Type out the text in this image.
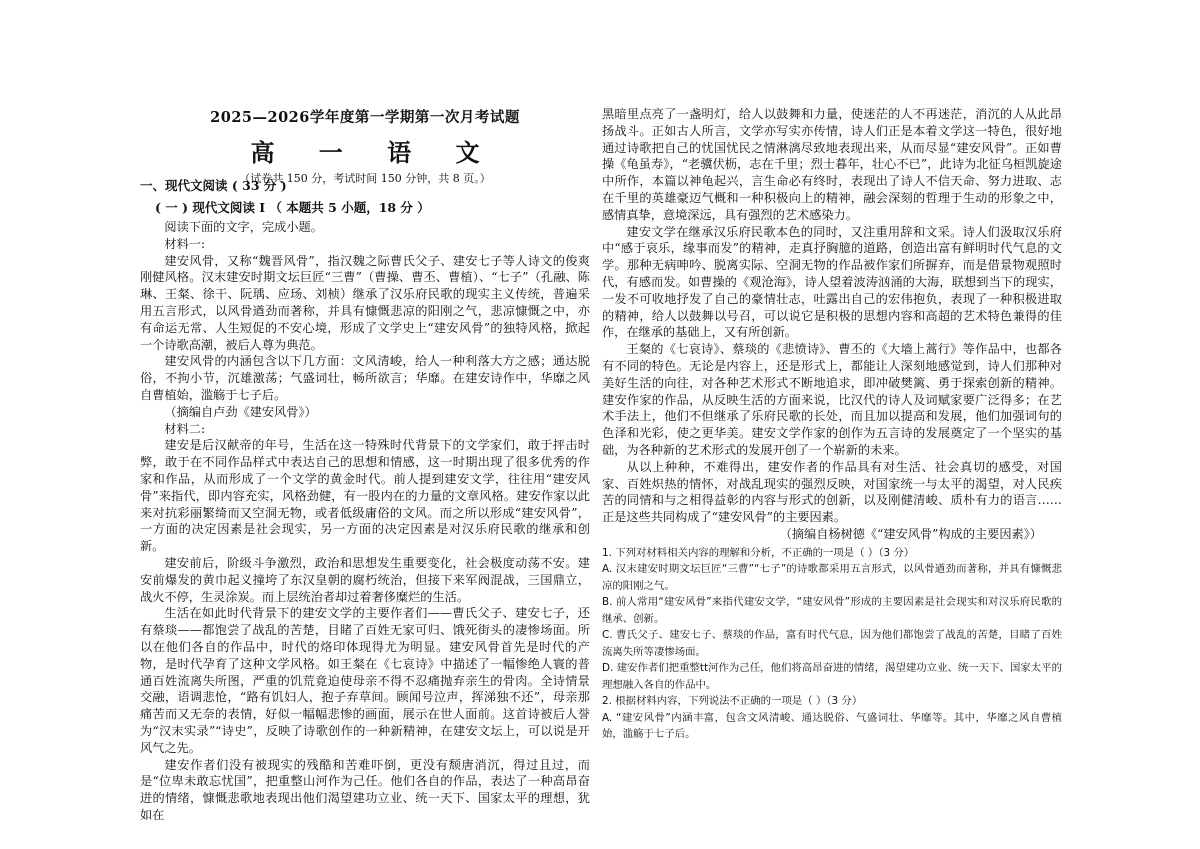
2025—2026学年度第一学期第一次月考试题

高 一 语 文

（试卷共 150 分，考试时间 150 分钟，共 8 页。）

一、现代文阅读 ( 33 分 )

( 一 ) 现代文阅读 Ⅰ （ 本题共 5 小题，18 分 ）

阅读下面的文字，完成小题。

材料一:

建安风骨，又称“魏晋风骨”，指汉魏之际曹氏父子、建安七子等人诗文的俊爽刚健风格。汉末建安时期文坛巨匠“三曹”（曹操、曹丕、曹植）、“七子”（孔融、陈琳、王粲、徐干、阮瑀、应玚、刘桢）继承了汉乐府民歌的现实主义传统，普遍采用五言形式，以风骨遒劲而著称，并具有慷慨悲凉的阳刚之气，悲凉慷慨之中，亦有命运无常、人生短促的不安心境，形成了文学史上“建安风骨”的独特风格，掀起一个诗歌高潮，被后人尊为典范。

建安风骨的内涵包含以下几方面：文风清峻，给人一种利落大方之感；通达脱俗，不拘小节，沉雄激荡；气盛词壮，畅所欲言；华靡。在建安诗作中，华靡之风自曹植始，滥觞于七子后。

（摘编自卢劲《建安风骨》）

材料二:

建安是后汉献帝的年号，生活在这一特殊时代背景下的文学家们，敢于抨击时弊，敢于在不同作品样式中表达自己的思想和情感，这一时期出现了很多优秀的作家和作品，从而形成了一个文学的黄金时代。前人提到建安文学，往往用“建安风骨”来指代，即内容充实，风格劲健，有一股内在的力量的文章风格。建安作家以此来对抗彩丽繁绮而又空洞无物，或者低级庸俗的文风。而之所以形成“建安风骨”，一方面的决定因素是社会现实，另一方面的决定因素是对汉乐府民歌的继承和创新。

建安前后，阶级斗争激烈，政治和思想发生重要变化，社会极度动荡不安。建安前爆发的黄巾起义撞垮了东汉皇朝的腐朽统治，但接下来军阀混战，三国鼎立，战火不停，生灵涂炭。而上层统治者却过着奢侈糜烂的生活。

生活在如此时代背景下的建安文学的主要作者们——曹氏父子、建安七子，还有蔡琰——都饱尝了战乱的苦楚，目睹了百姓无家可归、饿死街头的凄惨场面。所以在他们各自的作品中，时代的烙印体现得尤为明显。建安风骨首先是时代的产物，是时代孕育了这种文学风格。如王粲在《七哀诗》中描述了一幅惨绝人寰的普通百姓流离失所图，严重的饥荒竟迫使母亲不得不忍痛抛弃亲生的骨肉。全诗情景交融，语调悲怆，“路有饥妇人，抱子弃草间。顾闻号泣声，挥涕独不还”，母亲那痛苦而又无奈的表情，好似一幅幅悲惨的画面，展示在世人面前。这首诗被后人誉为“汉末实录”“诗史”，反映了诗歌创作的一种新精神，在建安文坛上，可以说是开风气之先。

建安作者们没有被现实的残酷和苦难吓倒，更没有颓唐消沉，得过且过，而是“位卑未敢忘忧国”，把重整山河作为己任。他们各自的作品，表达了一种高昂奋进的情绪，慷慨悲歌地表现出他们渴望建功立业、统一天下、国家太平的理想，犹如在

黑暗里点亮了一盏明灯，给人以鼓舞和力量，使迷茫的人不再迷茫，消沉的人从此昂扬战斗。正如古人所言，文学亦写实亦传情，诗人们正是本着文学这一特色，很好地通过诗歌把自己的忧国忧民之情淋漓尽致地表现出来，从而尽显“建安风骨”。正如曹操《龟虽寿》，“老骥伏枥，志在千里；烈士暮年，壮心不已”，此诗为北征乌桓凯旋途中所作，本篇以神龟起兴，言生命必有终时，表现出了诗人不信天命、努力进取、志在千里的英雄豪迈气概和一种积极向上的精神，融会深刻的哲理于生动的形象之中，感情真挚，意境深远，具有强烈的艺术感染力。

建安文学在继承汉乐府民歌本色的同时，又注重用辞和文采。诗人们汲取汉乐府中“感于哀乐，缘事而发”的精神，走真抒胸臆的道路，创造出富有鲜明时代气息的文学。那种无病呻吟、脱离实际、空洞无物的作品被作家们所摒弃，而是借景物观照时代，有感而发。如曹操的《观沧海》，诗人望着波涛汹涌的大海，联想到当下的现实，一发不可收地抒发了自己的豪情壮志，吐露出自己的宏伟抱负，表现了一种积极进取的精神，给人以鼓舞以号召，可以说它是积极的思想内容和高超的艺术特色兼得的佳作，在继承的基础上，又有所创新。

王粲的《七哀诗》、蔡琰的《悲愤诗》、曹丕的《大墙上蒿行》等作品中，也都各有不同的特色。无论是内容上，还是形式上，都能让人深刻地感觉到，诗人们那种对美好生活的向往，对各种艺术形式不断地追求，即冲破樊篱、勇于探索创新的精神。建安作家的作品，从反映生活的方面来说，比汉代的诗人及词赋家要广泛得多；在艺术手法上，他们不但继承了乐府民歌的长处，而且加以提高和发展，他们加强词句的色泽和光彩，使之更华美。建安文学作家的创作为五言诗的发展奠定了一个坚实的基础，为各种新的艺术形式的发展开创了一个崭新的未来。

从以上种种，不难得出，建安作者的作品具有对生活、社会真切的感受，对国家、百姓炽热的情怀，对战乱现实的强烈反映，对国家统一与太平的渴望，对人民疾苦的同情和与之相得益彰的内容与形式的创新，以及刚健清峻、质朴有力的语言……正是这些共同构成了“建安风骨”的主要因素。

（摘编自杨树德《“建安风骨”构成的主要因素》）

1. 下列对材料相关内容的理解和分析，不正确的一项是（ ）（3 分）

A. 汉末建安时期文坛巨匠“三曹”“七子”的诗歌都采用五言形式，以风骨遒劲而著称，并具有慷慨悲凉的阳刚之气。

B. 前人常用“建安风骨”来指代建安文学，“建安风骨”形成的主要因素是社会现实和对汉乐府民歌的继承、创新。

C. 曹氏父子、建安七子、蔡琰的作品，富有时代气息，因为他们都饱尝了战乱的苦楚，目睹了百姓流离失所等凄惨场面。

D. 建安作者们把重整tt河作为己任，他们将高昂奋进的情绪，渴望建功立业、统一天下、国家太平的理想融入各自的作品中。

2. 根据材料内容，下列说法不正确的一项是（ ）（3 分）

A. “建安风骨”内涵丰富，包含文风清峻、通达脱俗、气盛词壮、华靡等。其中，华靡之风自曹植始，滥觞于七子后。
